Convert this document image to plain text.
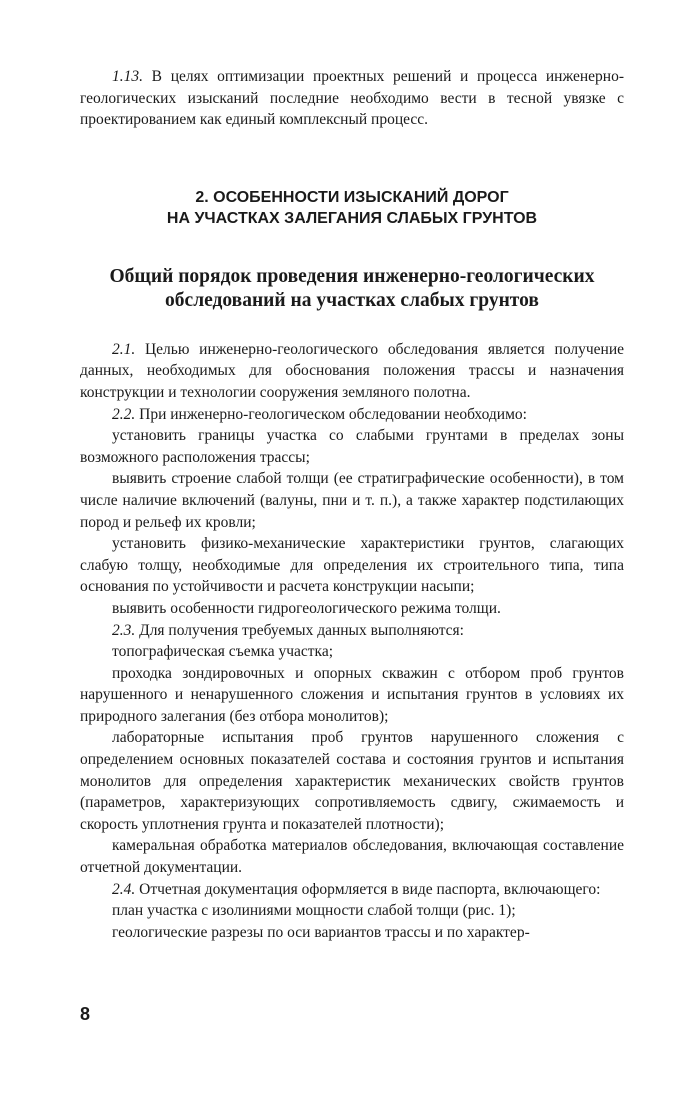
1.13. В целях оптимизации проектных решений и процесса инженерно-геологических изысканий последние необходимо вести в тесной увязке с проектированием как единый комплексный процесс.

2. ОСОБЕННОСТИ ИЗЫСКАНИЙ ДОРОГ
НА УЧАСТКАХ ЗАЛЕГАНИЯ СЛАБЫХ ГРУНТОВ
Общий порядок проведения инженерно-геологических
обследований на участках слабых грунтов

2.1. Целью инженерно-геологического обследования является получение данных, необходимых для обоснования положения трассы и назначения конструкции и технологии сооружения земляного полотна.

2.2. При инженерно-геологическом обследовании необходимо:

установить границы участка со слабыми грунтами в пределах зоны возможного расположения трассы;

выявить строение слабой толщи (ее стратиграфические особенности), в том числе наличие включений (валуны, пни и т. п.), а также характер подстилающих пород и рельеф их кровли;

установить физико-механические характеристики грунтов, слагающих слабую толщу, необходимые для определения их строительного типа, типа основания по устойчивости и расчета конструкции насыпи;

выявить особенности гидрогеологического режима толщи.

2.3. Для получения требуемых данных выполняются:

топографическая съемка участка;

проходка зондировочных и опорных скважин с отбором проб грунтов нарушенного и ненарушенного сложения и испытания грунтов в условиях их природного залегания (без отбора монолитов);

лабораторные испытания проб грунтов нарушенного сложения с определением основных показателей состава и состояния грунтов и испытания монолитов для определения характеристик механических свойств грунтов (параметров, характеризующих сопротивляемость сдвигу, сжимаемость и скорость уплотнения грунта и показателей плотности);

камеральная обработка материалов обследования, включающая составление отчетной документации.

2.4. Отчетная документация оформляется в виде паспорта, включающего:

план участка с изолиниями мощности слабой толщи (рис. 1);

геологические разрезы по оси вариантов трассы и по характер-

8
